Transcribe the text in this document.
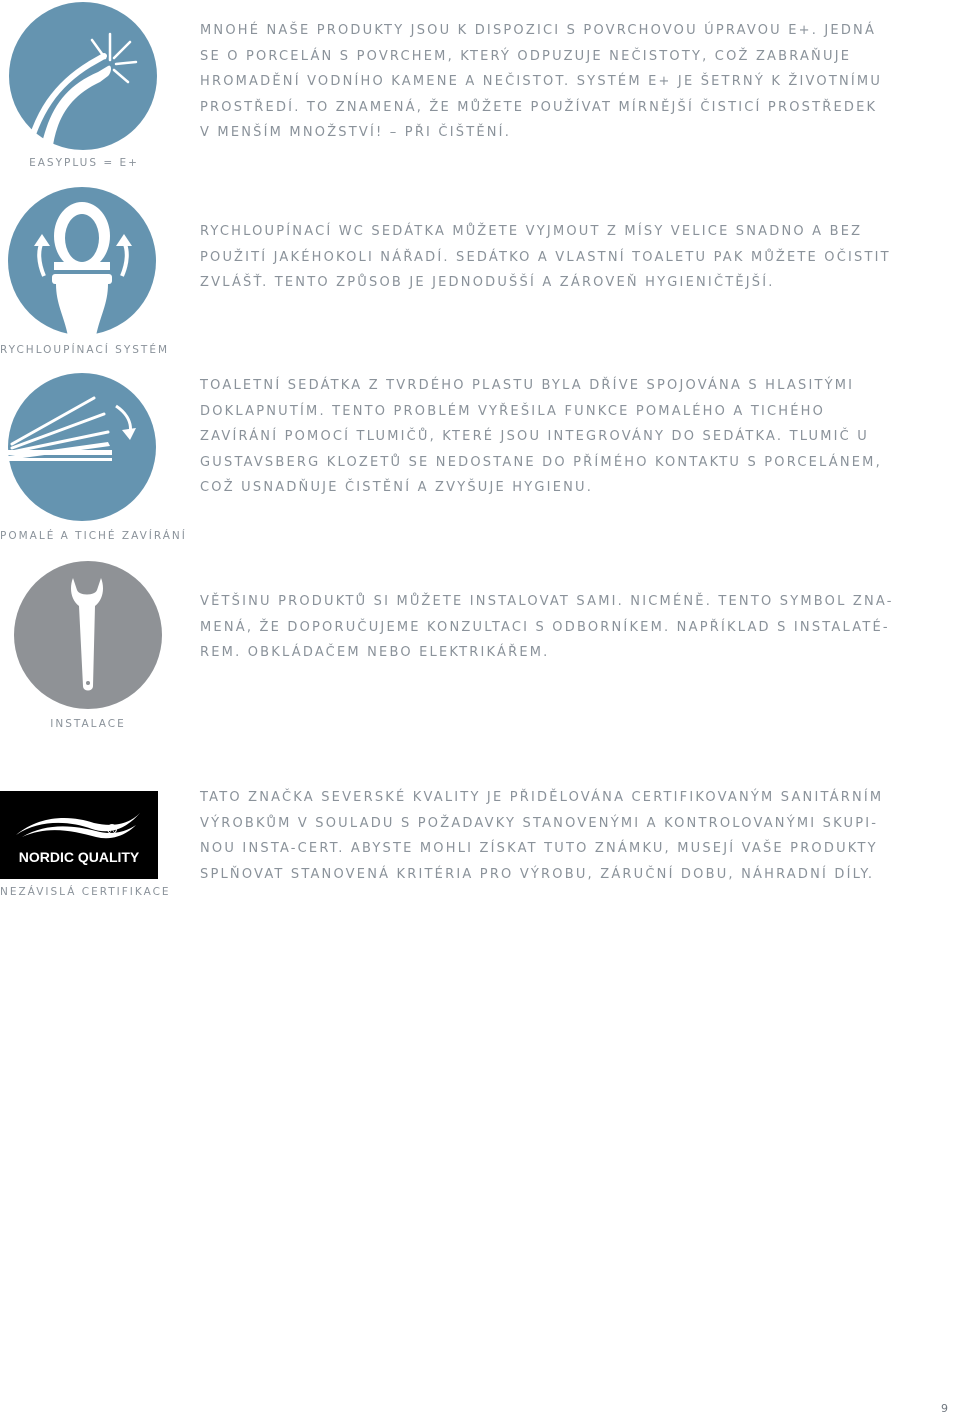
EASYPLUS = E+
MNOHÉ NAŠE PRODUKTY JSOU K DISPOZICI S POVRCHOVOU ÚPRAVOU E+. JEDNÁ
SE O PORCELÁN S POVRCHEM, KTERÝ ODPUZUJE NEČISTOTY, COŽ ZABRAŇUJE
HROMADĚNÍ VODNÍHO KAMENE A NEČISTOT. SYSTÉM E+ JE ŠETRNÝ K ŽIVOTNÍMU
PROSTŘEDÍ. TO ZNAMENÁ, ŽE MŮŽETE POUŽÍVAT MÍRNĚJŠÍ ČISTICÍ PROSTŘEDEK
V MENŠÍM MNOŽSTVÍ! – PŘI ČIŠTĚNÍ.
RYCHLOUPÍNACÍ SYSTÉM
RYCHLOUPÍNACÍ WC SEDÁTKA MŮŽETE VYJMOUT Z MÍSY VELICE SNADNO A BEZ
POUŽITÍ JAKÉHOKOLI NÁŘADÍ. SEDÁTKO A VLASTNÍ TOALETU PAK MŮŽETE OČISTIT
ZVLÁŠŤ. TENTO ZPŮSOB JE JEDNODUŠŠÍ A ZÁROVEŇ HYGIENIČTĚJŠÍ.
POMALÉ A TICHÉ ZAVÍRÁNÍ
TOALETNÍ SEDÁTKA Z TVRDÉHO PLASTU BYLA DŘÍVE SPOJOVÁNA S HLASITÝMI
DOKLAPNUTÍM. TENTO PROBLÉM VYŘEŠILA FUNKCE POMALÉHO A TICHÉHO
ZAVÍRÁNÍ POMOCÍ TLUMIČŮ, KTERÉ JSOU INTEGROVÁNY DO SEDÁTKA. TLUMIČ U
GUSTAVSBERG KLOZETŮ SE NEDOSTANE DO PŘÍMÉHO KONTAKTU S PORCELÁNEM,
COŽ USNADŇUJE ČISTĚNÍ A ZVYŠUJE HYGIENU.
INSTALACE
VĚTŠINU PRODUKTŮ SI MŮŽETE INSTALOVAT SAMI. NICMÉNĚ. TENTO SYMBOL ZNA-
MENÁ, ŽE DOPORUČUJEME KONZULTACI S ODBORNÍKEM. NAPŘÍKLAD S INSTALATÉ-
REM. OBKLÁDAČEM NEBO ELEKTRIKÁŘEM.
R
NORDIC QUALITY
NEZÁVISLÁ CERTIFIKACE
TATO ZNAČKA SEVERSKÉ KVALITY JE PŘIDĚLOVÁNA CERTIFIKOVANÝM SANITÁRNÍM
VÝROBKŮM V SOULADU S POŽADAVKY STANOVENÝMI A KONTROLOVANÝMI SKUPI-
NOU INSTA-CERT. ABYSTE MOHLI ZÍSKAT TUTO ZNÁMKU, MUSEJÍ VAŠE PRODUKTY
SPLŇOVAT STANOVENÁ KRITÉRIA PRO VÝROBU, ZÁRUČNÍ DOBU, NÁHRADNÍ DÍLY.
9
